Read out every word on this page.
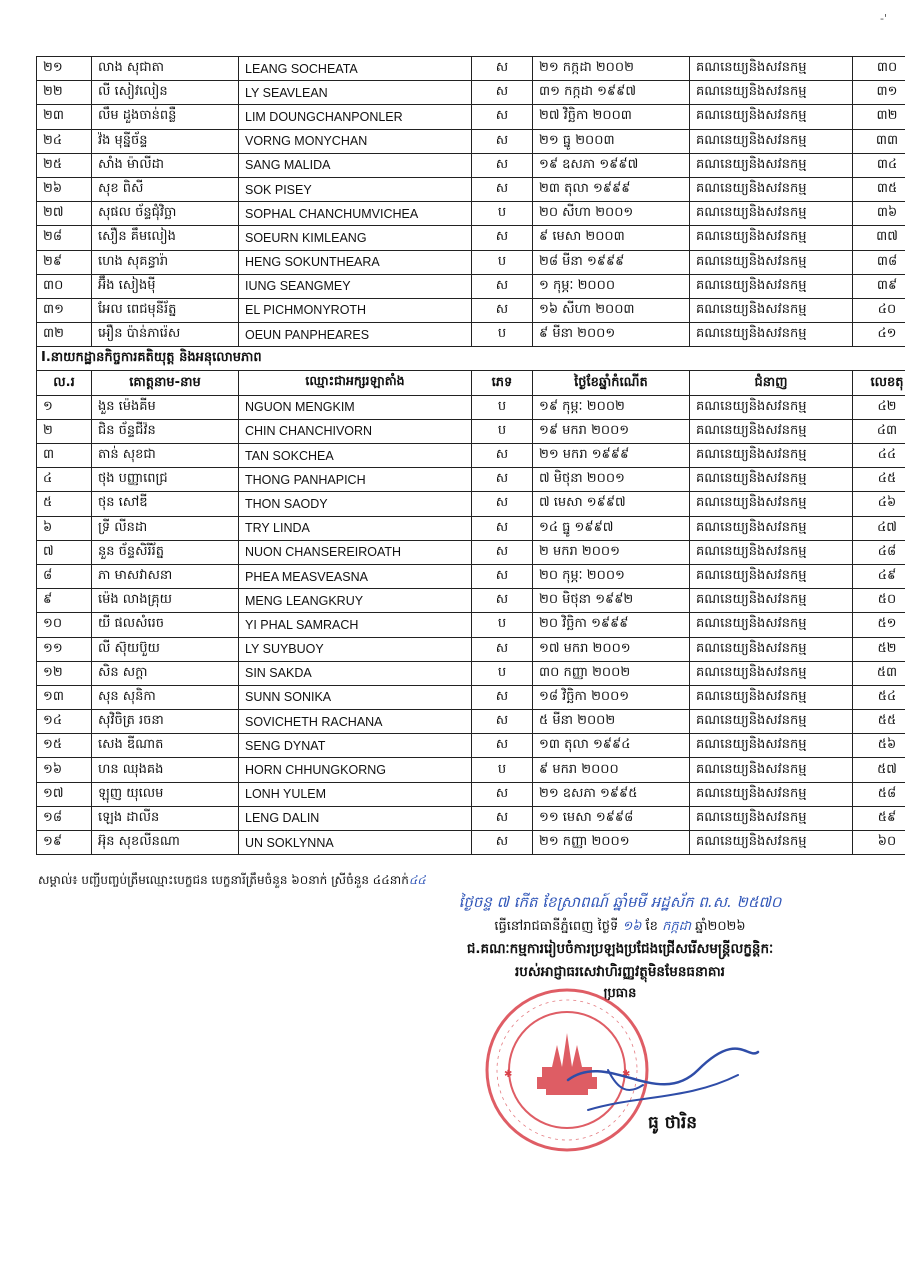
-'
២១	លាង សុជាតា	LEANG SOCHEATA	ស	២១ កក្កដា ២០០២	គណនេយ្យនិងសវនកម្ម	៣០
២២	លី សៀវលៀន	LY SEAVLEAN	ស	៣១ កក្កដា ១៩៩៧	គណនេយ្យនិងសវនកម្ម	៣១
២៣	លឹម ដួងចាន់ពន្លឺ	LIM DOUNGCHANPONLER	ស	២៧ វិច្ឆិកា ២០០៣	គណនេយ្យនិងសវនកម្ម	៣២
២៤	វ៉ង មុន្នីច័ន្ទ	VORNG MONYCHAN	ស	២១ ធ្នូ ២០០៣	គណនេយ្យនិងសវនកម្ម	៣៣
២៥	សាំង ម៉ាលីដា	SANG MALIDA	ស	១៩ ឧសភា ១៩៩៧	គណនេយ្យនិងសវនកម្ម	៣៤
២៦	សុខ ពិសី	SOK PISEY	ស	២៣ តុលា ១៩៩៩	គណនេយ្យនិងសវនកម្ម	៣៥
២៧	សុផល ច័ន្ទជុំវិច្ឆា	SOPHAL CHANCHUMVICHEA	ប	២០ សីហា ២០០១	គណនេយ្យនិងសវនកម្ម	៣៦
២៨	សឿន គឹមលៀង	SOEURN KIMLEANG	ស	៩ មេសា ២០០៣	គណនេយ្យនិងសវនកម្ម	៣៧
២៩	ហេង សុគន្ធារ៉ា	HENG SOKUNTHEARA	ប	២៨ មីនា ១៩៩៩	គណនេយ្យនិងសវនកម្ម	៣៨
៣០	អ៊ឹង សៀងម៉ី	IUNG SEANGMEY	ស	១ កុម្ភៈ ២០០០	គណនេយ្យនិងសវនកម្ម	៣៩
៣១	អែល ពេជមុនីរ័ត្ន	EL PICHMONYROTH	ស	១៦ សីហា ២០០៣	គណនេយ្យនិងសវនកម្ម	៤០
៣២	អឿន ប៉ាន់ភារ៉េស	OEUN PANPHEARES	ប	៩ មីនា ២០០១	គណនេយ្យនិងសវនកម្ម	៤១
I.នាយកដ្ឋានកិច្ចការគតិយុត្ត និងអនុលោមភាព						
ល.រ	គោត្តនាម-នាម	ឈ្មោះជាអក្សរឡាតាំង	ភេទ	ថ្ងៃខែឆ្នាំកំណើត	ជំនាញ	លេខតុ
១	ងួន ម៉េងគីម	NGUON MENGKIM	ប	១៩ កុម្ភៈ ២០០២	គណនេយ្យនិងសវនកម្ម	៤២
២	ជិន ច័ន្ទជីវ៉ន	CHIN CHANCHIVORN	ប	១៩ មករា ២០០១	គណនេយ្យនិងសវនកម្ម	៤៣
៣	តាន់ សុខជា	TAN SOKCHEA	ស	២១ មករា ១៩៩៩	គណនេយ្យនិងសវនកម្ម	៤៤
៤	ថុង បញ្ញាពេជ្រ	THONG PANHAPICH	ស	៧ មិថុនា ២០០១	គណនេយ្យនិងសវនកម្ម	៤៥
៥	ថុន សៅឌី	THON SAODY	ស	៧ មេសា ១៩៩៧	គណនេយ្យនិងសវនកម្ម	៤៦
៦	ទ្រី លីនដា	TRY LINDA	ស	១៤ ធ្នូ ១៩៩៧	គណនេយ្យនិងសវនកម្ម	៤៧
៧	នួន ច័ន្ទសិរីរ័ត្ន	NUON CHANSEREIROATH	ស	២ មករា ២០០១	គណនេយ្យនិងសវនកម្ម	៤៨
៨	ភា មាសវាសនា	PHEA MEASVEASNA	ស	២០ កុម្ភៈ ២០០១	គណនេយ្យនិងសវនកម្ម	៤៩
៩	ម៉េង លាងគ្រុយ	MENG LEANGKRUY	ស	២០ មិថុនា ១៩៩២	គណនេយ្យនិងសវនកម្ម	៥០
១០	យី ផលសំរេច	YI PHAL SAMRACH	ប	២០ វិច្ឆិកា ១៩៩៩	គណនេយ្យនិងសវនកម្ម	៥១
១១	លី ស៊ុយប៊ួយ	LY SUYBUOY	ស	១៧ មករា ២០០១	គណនេយ្យនិងសវនកម្ម	៥២
១២	សិន សក្ដា	SIN SAKDA	ប	៣០ កញ្ញា ២០០២	គណនេយ្យនិងសវនកម្ម	៥៣
១៣	សុន សុនិកា	SUNN SONIKA	ស	១៨ វិច្ឆិកា ២០០១	គណនេយ្យនិងសវនកម្ម	៥៤
១៤	សុវិចិត្រ រចនា	SOVICHETH RACHANA	ស	៥ មីនា ២០០២	គណនេយ្យនិងសវនកម្ម	៥៥
១៥	សេង ឌីណាត	SENG DYNAT	ស	១៣ តុលា ១៩៩៤	គណនេយ្យនិងសវនកម្ម	៥៦
១៦	ហន ឈុងគង	HORN CHHUNGKORNG	ប	៩ មករា ២០០០	គណនេយ្យនិងសវនកម្ម	៥៧
១៧	ឡុញ យុលេម	LONH YULEM	ស	២១ ឧសភា ១៩៩៥	គណនេយ្យនិងសវនកម្ម	៥៨
១៨	ឡេង ដាលីន	LENG DALIN	ស	១១ មេសា ១៩៩៨	គណនេយ្យនិងសវនកម្ម	៥៩
១៩	អ៊ុន សុខលីនណា	UN SOKLYNNA	ស	២១ កញ្ញា ២០០១	គណនេយ្យនិងសវនកម្ម	៦០
សម្គាល់៖ បញ្ជីបញ្ចប់ត្រឹមឈ្មោះបេក្ខជន បេក្ខនារីត្រឹមចំនួន ៦០នាក់ ស្រីចំនួន ៤៤នាក់៤៤
ថ្ងៃចន្ទ ៧ កើត ខែស្រាពណ៍ ឆ្នាំមមី អដ្ឋស័ក ព.ស. ២៥៧០
ធ្វើនៅរាជធានីភ្នំពេញ ថ្ងៃទី ១៦ ខែ កក្កដា ឆ្នាំ២០២៦
ជ.គណៈកម្មការរៀបចំការប្រឡងប្រជែងជ្រើសរើសមន្ត្រីលក្ខន្តិកៈ
របស់អាជ្ញាធរសេវាហិរញ្ញវត្ថុមិនមែនធនាគារ
ប្រធាន
✱	✱
ធូ ថារិន
